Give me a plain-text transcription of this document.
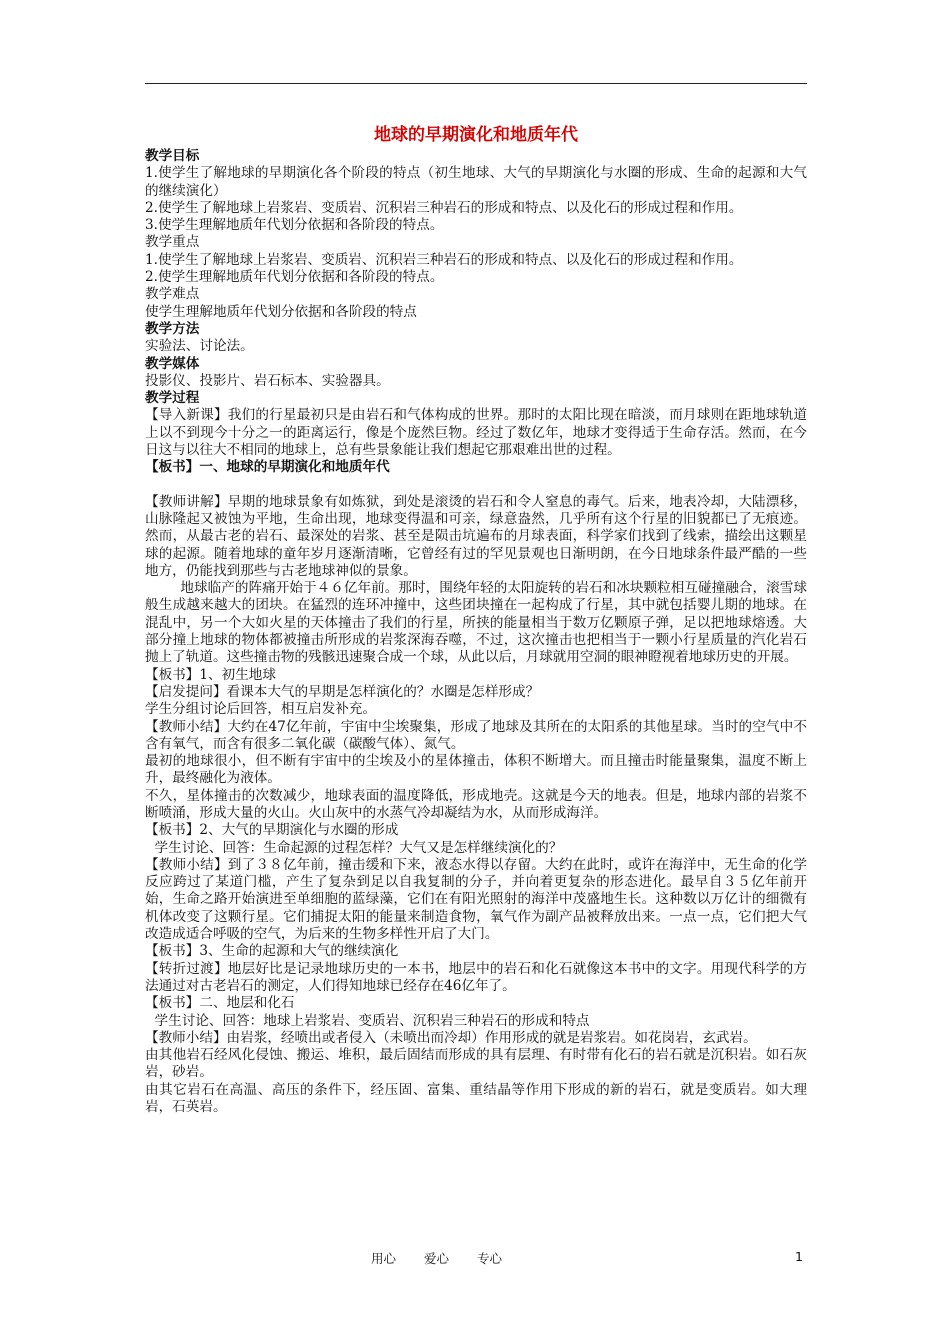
地球的早期演化和地质年代

教学目标

1.使学生了解地球的早期演化各个阶段的特点（初生地球、大气的早期演化与水圈的形成、生命的起源和大气的继续演化）

2.使学生了解地球上岩浆岩、变质岩、沉积岩三种岩石的形成和特点、以及化石的形成过程和作用。

3.使学生理解地质年代划分依据和各阶段的特点。

教学重点

1.使学生了解地球上岩浆岩、变质岩、沉积岩三种岩石的形成和特点、以及化石的形成过程和作用。

2.使学生理解地质年代划分依据和各阶段的特点。

教学难点

使学生理解地质年代划分依据和各阶段的特点

教学方法

实验法、讨论法。

教学媒体

投影仪、投影片、岩石标本、实验器具。

教学过程

【导入新课】我们的行星最初只是由岩石和气体构成的世界。那时的太阳比现在暗淡，而月球则在距地球轨道上以不到现今十分之一的距离运行，像是个庞然巨物。经过了数亿年，地球才变得适于生命存活。然而，在今日这与以往大不相同的地球上，总有些景象能让我们想起它那艰难出世的过程。

【板书】一、地球的早期演化和地质年代

【教师讲解】早期的地球景象有如炼狱，到处是滚烫的岩石和令人窒息的毒气。后来，地表冷却，大陆漂移，山脉隆起又被蚀为平地，生命出现，地球变得温和可亲，绿意盎然，几乎所有这个行星的旧貌都已了无痕迹。然而，从最古老的岩石、最深处的岩浆、甚至是陨击坑遍布的月球表面，科学家们找到了线索，描绘出这颗星球的起源。随着地球的童年岁月逐渐清晰，它曾经有过的罕见景观也日渐明朗，在今日地球条件最严酷的一些地方，仍能找到那些与古老地球神似的景象。

地球临产的阵痛开始于４６亿年前。那时，围绕年轻的太阳旋转的岩石和冰块颗粒相互碰撞融合，滚雪球般生成越来越大的团块。在猛烈的连环冲撞中，这些团块撞在一起构成了行星，其中就包括婴儿期的地球。在混乱中，另一个大如火星的天体撞击了我们的行星，所挟的能量相当于数万亿颗原子弹，足以把地球熔透。大部分撞上地球的物体都被撞击所形成的岩浆深海吞噬，不过，这次撞击也把相当于一颗小行星质量的汽化岩石抛上了轨道。这些撞击物的残骸迅速聚合成一个球，从此以后，月球就用空洞的眼神瞪视着地球历史的开展。

【板书】1、初生地球

【启发提问】看课本大气的早期是怎样演化的？水圈是怎样形成？

学生分组讨论后回答，相互启发补充。

【教师小结】大约在47亿年前，宇宙中尘埃聚集，形成了地球及其所在的太阳系的其他星球。当时的空气中不含有氧气，而含有很多二氧化碳（碳酸气体）、氮气。

最初的地球很小，但不断有宇宙中的尘埃及小的星体撞击，体积不断增大。而且撞击时能量聚集，温度不断上升，最终融化为液体。

不久，星体撞击的次数减少，地球表面的温度降低，形成地壳。这就是今天的地表。但是，地球内部的岩浆不断喷涌，形成大量的火山。火山灰中的水蒸气冷却凝结为水，从而形成海洋。

【板书】2、大气的早期演化与水圈的形成

学生讨论、回答：生命起源的过程怎样？大气又是怎样继续演化的？

【教师小结】到了３８亿年前，撞击缓和下来，液态水得以存留。大约在此时，或许在海洋中，无生命的化学反应跨过了某道门槛，产生了复杂到足以自我复制的分子，并向着更复杂的形态进化。最早自３５亿年前开始，生命之路开始演进至单细胞的蓝绿藻，它们在有阳光照射的海洋中茂盛地生长。这种数以万亿计的细微有机体改变了这颗行星。它们捕捉太阳的能量来制造食物，氧气作为副产品被释放出来。一点一点，它们把大气改造成适合呼吸的空气，为后来的生物多样性开启了大门。

【板书】3、生命的起源和大气的继续演化

【转折过渡】地层好比是记录地球历史的一本书，地层中的岩石和化石就像这本书中的文字。用现代科学的方法通过对古老岩石的测定，人们得知地球已经存在46亿年了。

【板书】二、地层和化石

学生讨论、回答：地球上岩浆岩、变质岩、沉积岩三种岩石的形成和特点

【教师小结】由岩浆，经喷出或者侵入（未喷出而冷却）作用形成的就是岩浆岩。如花岗岩，玄武岩。

由其他岩石经风化侵蚀、搬运、堆积，最后固结而形成的具有层理、有时带有化石的岩石就是沉积岩。如石灰岩，砂岩。

由其它岩石在高温、高压的条件下，经压固、富集、重结晶等作用下形成的新的岩石，就是变质岩。如大理岩，石英岩。

用心 爱心 专心	1
